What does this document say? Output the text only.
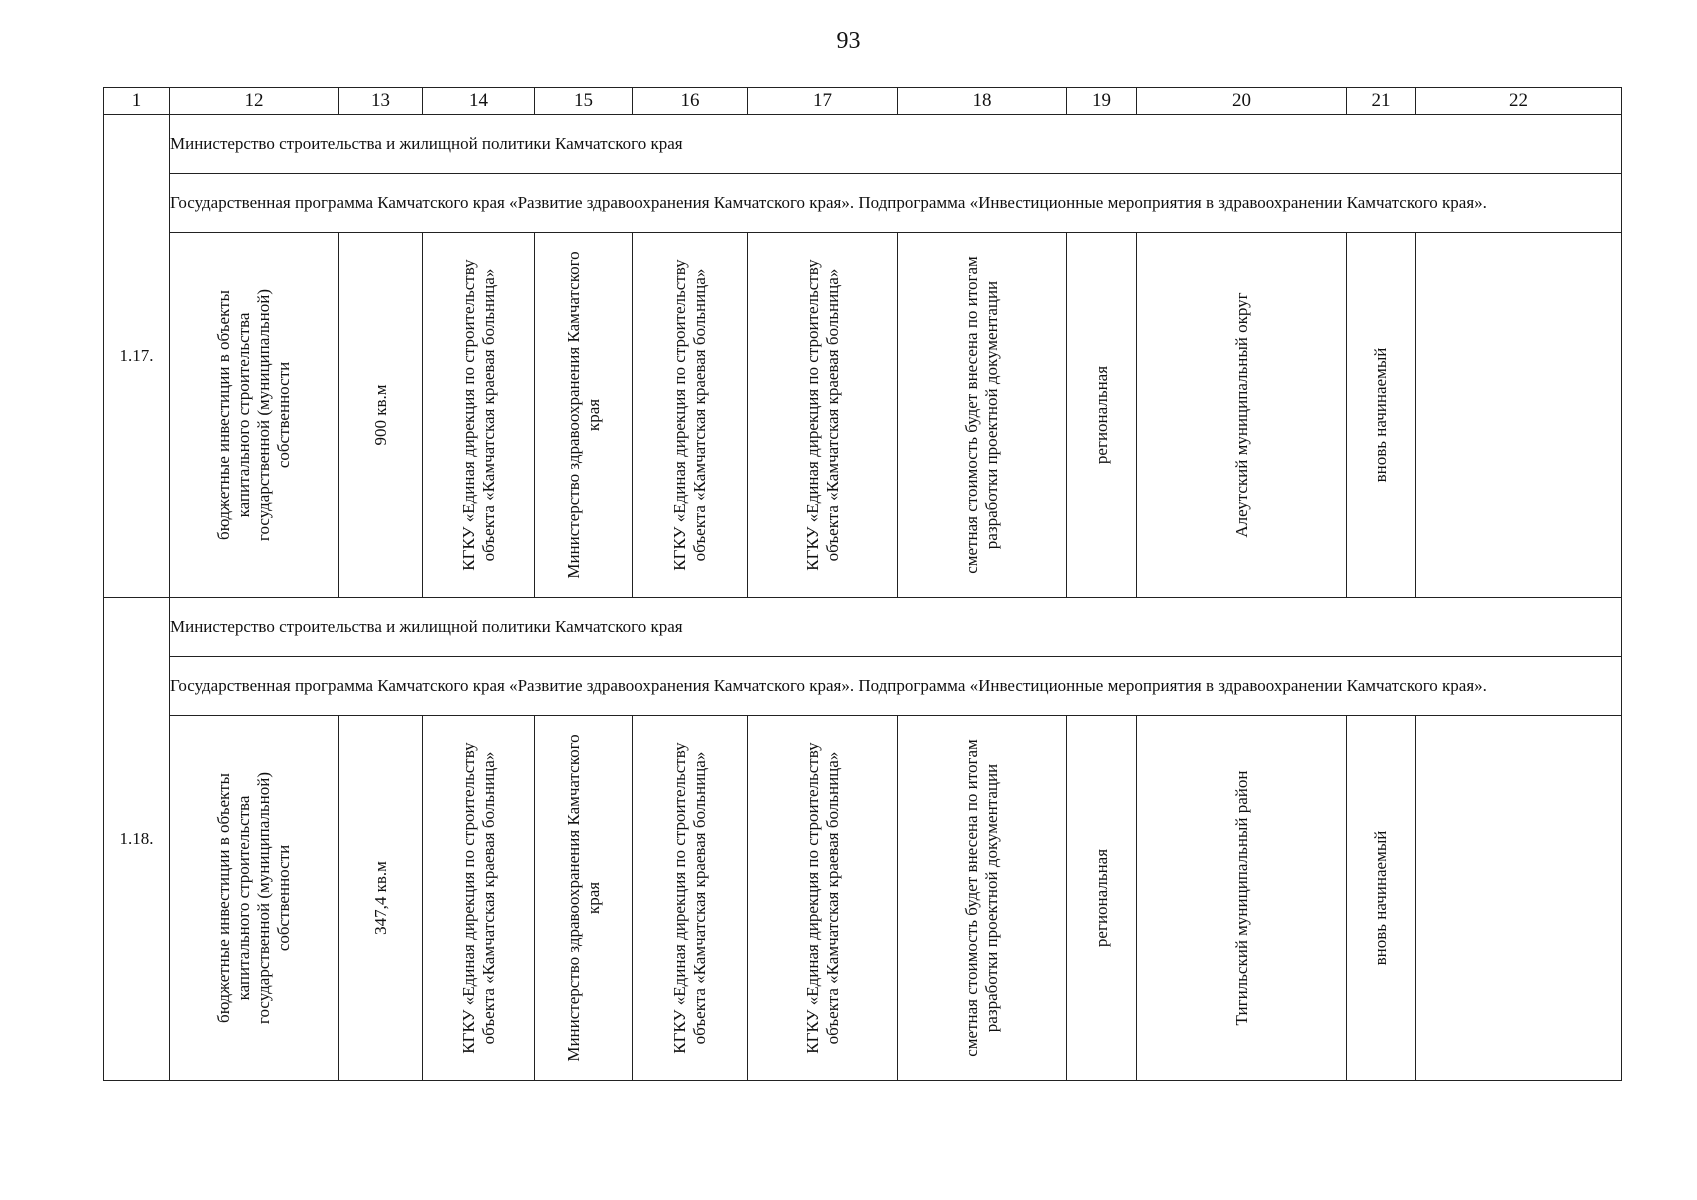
93
1	12	13	14	15	16	17	18	19	20	21	22
1.17.	Министерство строительства и жилищной политики Камчатского края										
	Государственная программа Камчатского края «Развитие здравоохранения Камчатского края». Подпрограмма «Инвестиционные мероприятия в здравоохранении Камчатского края».										

	бюджетные инвестиции в объекты капитального строительства государственной (муниципальной) собственности	900 кв.м	КГКУ «Единая дирекция по строительству объекта «Камчатская краевая больница»	Министерство здравоохранения Камчатского края	КГКУ «Единая дирекция по строительству объекта «Камчатская краевая больница»	КГКУ «Единая дирекция по строительству объекта «Камчатская краевая больница»	сметная стоимость будет внесена по итогам разработки проектной документации	региональная	Алеутский муниципальный округ	вновь начинаемый	

1.18.	Министерство строительства и жилищной политики Камчатского края										
	Государственная программа Камчатского края «Развитие здравоохранения Камчатского края». Подпрограмма «Инвестиционные мероприятия в здравоохранении Камчатского края».										

	бюджетные инвестиции в объекты капитального строительства государственной (муниципальной) собственности	347,4 кв.м	КГКУ «Единая дирекция по строительству объекта «Камчатская краевая больница»	Министерство здравоохранения Камчатского края	КГКУ «Единая дирекция по строительству объекта «Камчатская краевая больница»	КГКУ «Единая дирекция по строительству объекта «Камчатская краевая больница»	сметная стоимость будет внесена по итогам разработки проектной документации	региональная	Тигильский муниципальный район	вновь начинаемый	
